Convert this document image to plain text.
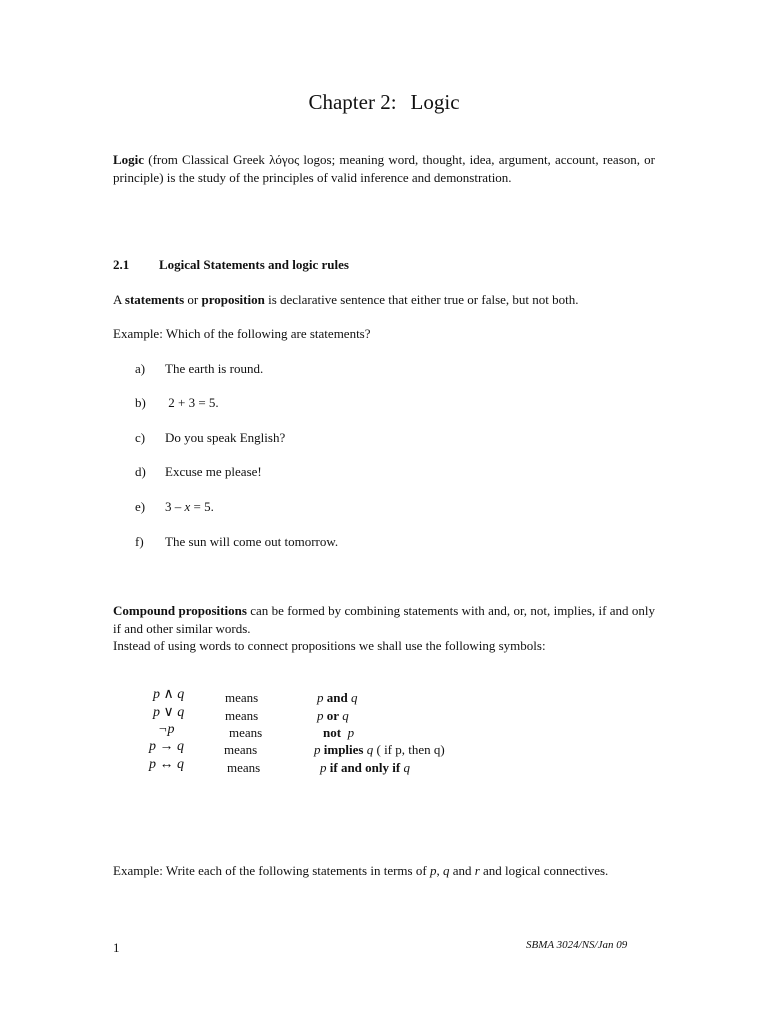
Chapter 2: Logic
Logic (from Classical Greek λόγος logos; meaning word, thought, idea, argument, account, reason, or principle) is the study of the principles of valid inference and demonstration.
2.1 Logical Statements and logic rules
A statements or proposition is declarative sentence that either true or false, but not both.
Example: Which of the following are statements?
a) The earth is round.
b) 2 + 3 = 5.
c) Do you speak English?
d) Excuse me please!
e) 3 – x = 5.
f) The sun will come out tomorrow.
Compound propositions can be formed by combining statements with and, or, not, implies, if and only if and other similar words.
Instead of using words to connect propositions we shall use the following symbols:
p ∧ q	means	p and q
p ∨ q	means	p or q
¬p	means	not p
p → q	means	p implies q ( if p, then q)
p ↔ q	means	p if and only if q
Example: Write each of the following statements in terms of p, q and r and logical connectives.
1	SBMA 3024/NS/Jan 09
